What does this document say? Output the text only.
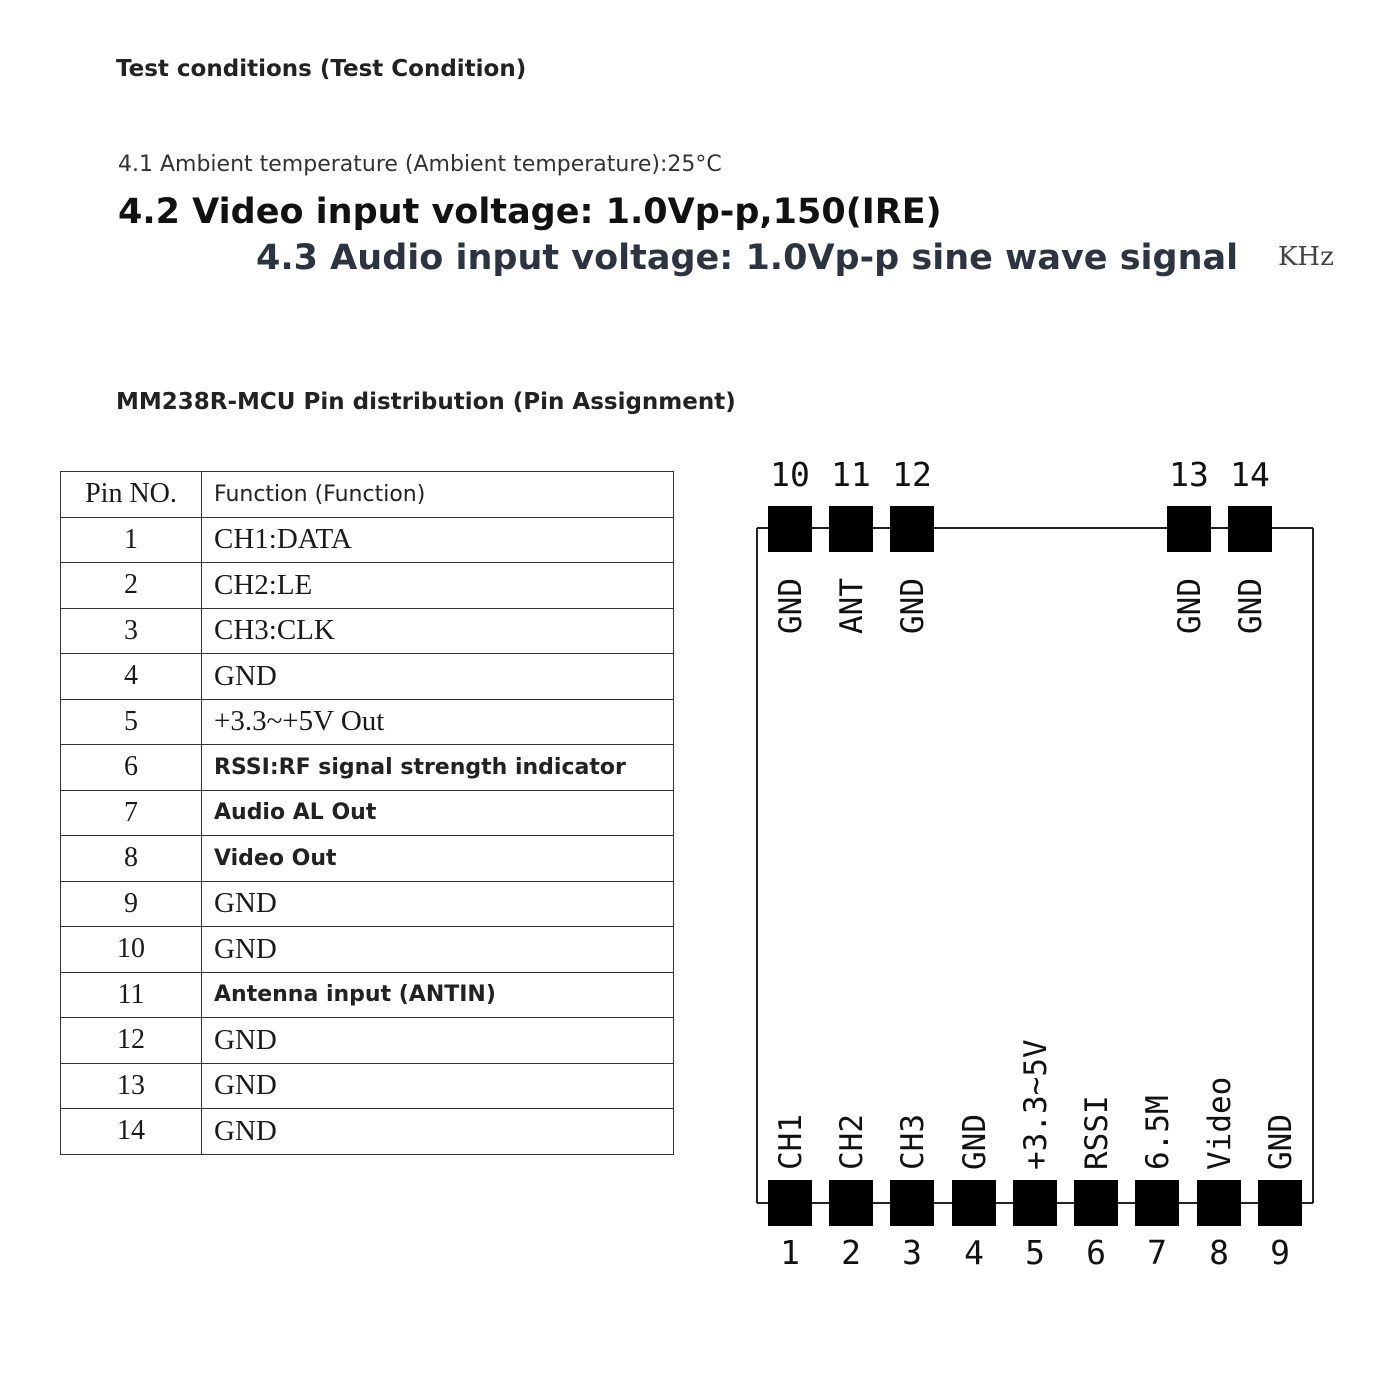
Test conditions (Test Condition)
4.1 Ambient temperature (Ambient temperature):25°C
4.2 Video input voltage: 1.0Vp-p,150(IRE)
4.3 Audio input voltage: 1.0Vp-p sine wave signal KHz
MM238R-MCU Pin distribution (Pin Assignment)
Pin NO.	Function (Function)
1	CH1:DATA
2	CH2:LE
3	CH3:CLK
4	GND
5	+3.3~+5V Out
6	RSSI:RF signal strength indicator
7	Audio AL Out
8	Video Out
9	GND
10	GND
11	Antenna input (ANTIN)
12	GND
13	GND
14	GND
10
GND
11
ANT
12
GND
13
GND
14
GND
CH1
1
CH2
2
CH3
3
GND
4
+3.3~5V
5
RSSI
6
6.5M
7
Video
8
GND
9
